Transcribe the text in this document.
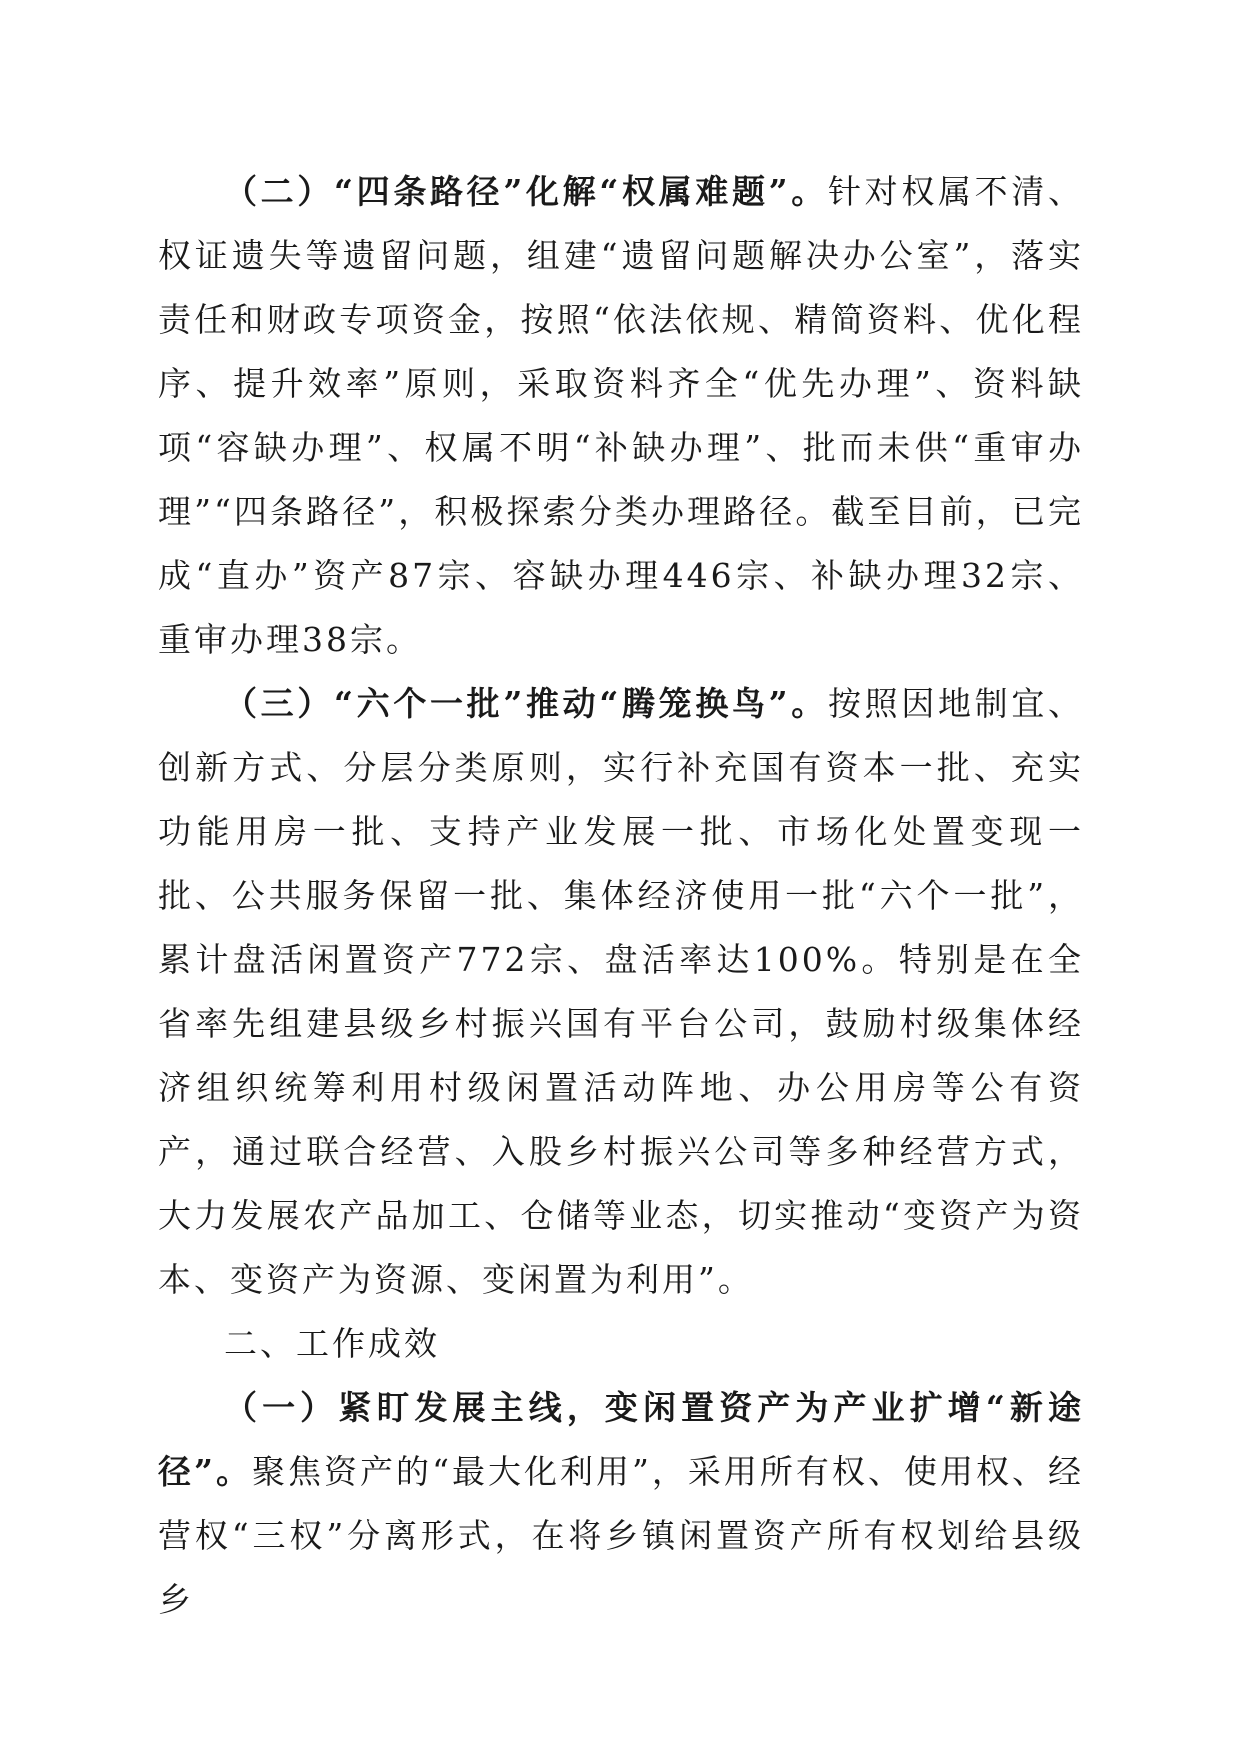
（二）“四条路径”化解“权属难题”。针对权属不清、权证遗失等遗留问题，组建“遗留问题解决办公室”，落实责任和财政专项资金，按照“依法依规、精简资料、优化程序、提升效率”原则，采取资料齐全“优先办理”、资料缺项“容缺办理”、权属不明“补缺办理”、批而未供“重审办理”“四条路径”，积极探索分类办理路径。截至目前，已完成“直办”资产87宗、容缺办理446宗、补缺办理32宗、重审办理38宗。

（三）“六个一批”推动“腾笼换鸟”。按照因地制宜、创新方式、分层分类原则，实行补充国有资本一批、充实功能用房一批、支持产业发展一批、市场化处置变现一批、公共服务保留一批、集体经济使用一批“六个一批”，累计盘活闲置资产772宗、盘活率达100%。特别是在全省率先组建县级乡村振兴国有平台公司，鼓励村级集体经济组织统筹利用村级闲置活动阵地、办公用房等公有资产，通过联合经营、入股乡村振兴公司等多种经营方式，大力发展农产品加工、仓储等业态，切实推动“变资产为资本、变资产为资源、变闲置为利用”。

二、工作成效

（一）紧盯发展主线，变闲置资产为产业扩增“新途径”。聚焦资产的“最大化利用”，采用所有权、使用权、经营权“三权”分离形式，在将乡镇闲置资产所有权划给县级乡
